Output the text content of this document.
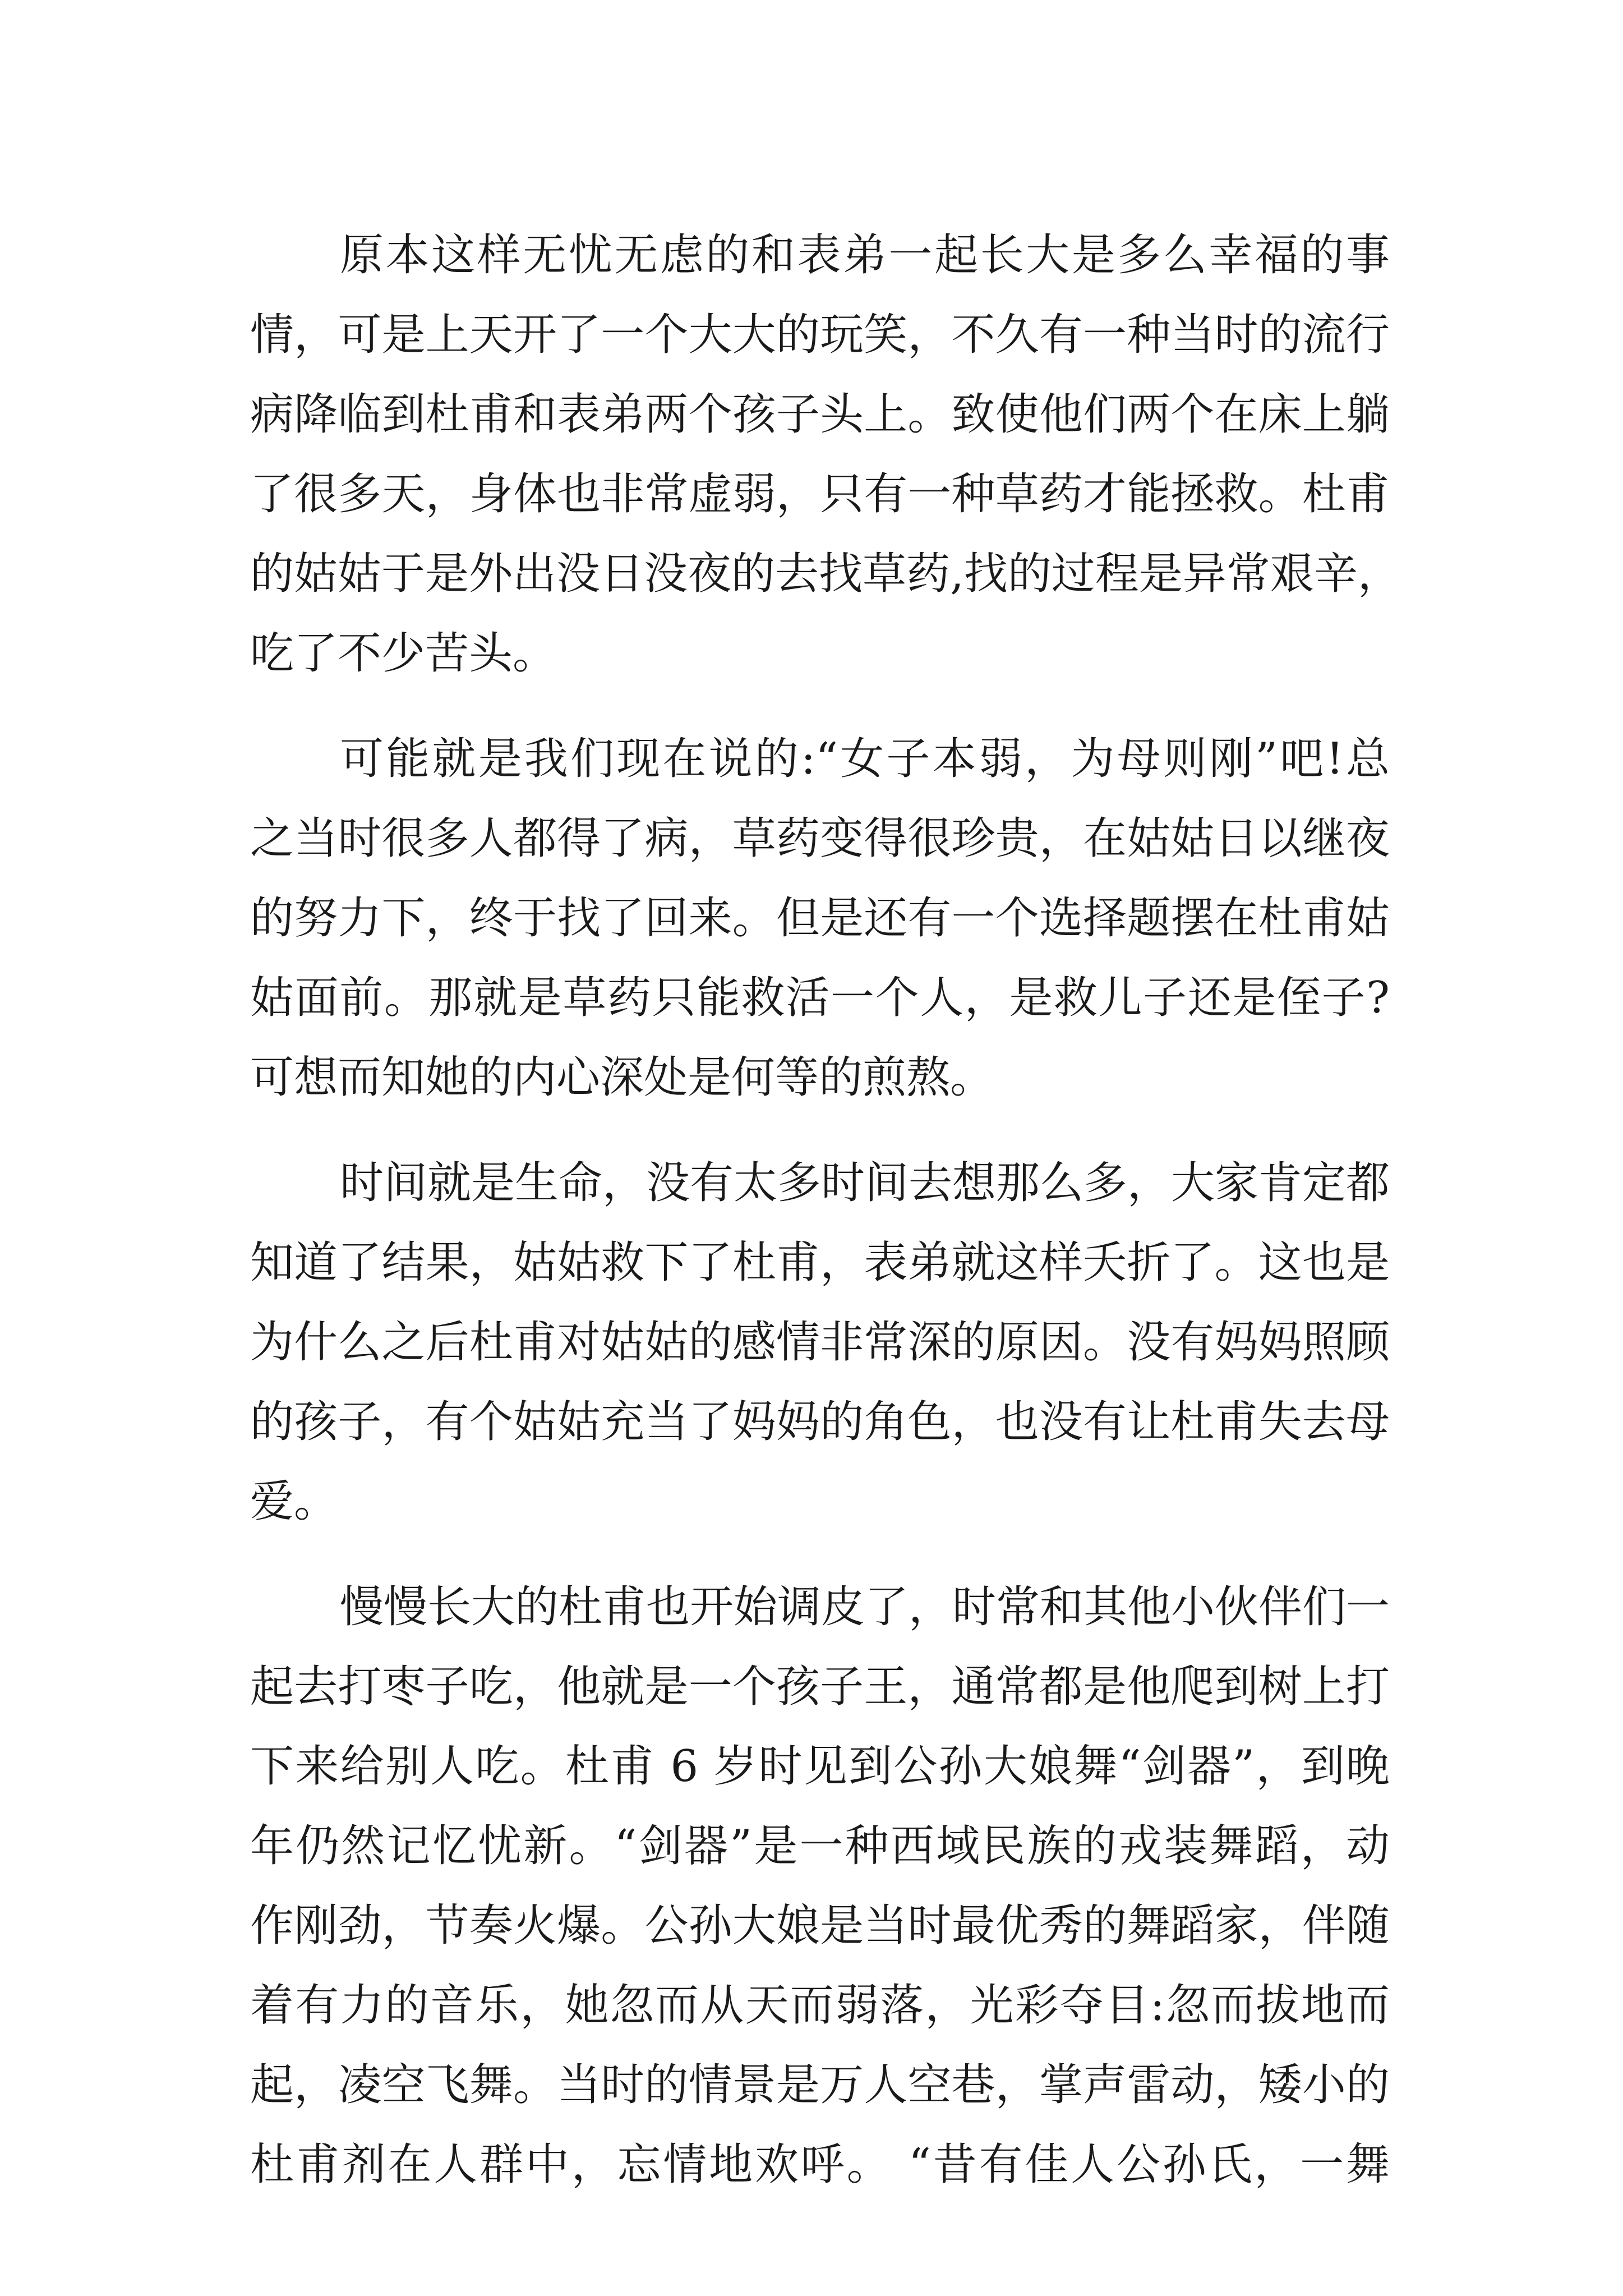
原本这样无忧无虑的和表弟一起长大是多么幸福的事
情，可是上天开了一个大大的玩笑，不久有一种当时的流行
病降临到杜甫和表弟两个孩子头上。致使他们两个在床上躺
了很多天，身体也非常虚弱，只有一种草药才能拯救。杜甫
的姑姑于是外出没日没夜的去找草药,找的过程是异常艰辛，
吃了不少苦头。
可能就是我们现在说的:“女子本弱，为母则刚”吧!总
之当时很多人都得了病，草药变得很珍贵，在姑姑日以继夜
的努力下，终于找了回来。但是还有一个选择题摆在杜甫姑
姑面前。那就是草药只能救活一个人，是救儿子还是侄子?
可想而知她的内心深处是何等的煎熬。
时间就是生命，没有太多时间去想那么多，大家肯定都
知道了结果，姑姑救下了杜甫，表弟就这样夭折了。这也是
为什么之后杜甫对姑姑的感情非常深的原因。没有妈妈照顾
的孩子，有个姑姑充当了妈妈的角色，也没有让杜甫失去母
爱。
慢慢长大的杜甫也开始调皮了，时常和其他小伙伴们一
起去打枣子吃，他就是一个孩子王，通常都是他爬到树上打
下来给别人吃。杜甫 6 岁时见到公孙大娘舞“剑器”，到晚
年仍然记忆忧新。“剑器”是一种西域民族的戎装舞蹈，动
作刚劲，节奏火爆。公孙大娘是当时最优秀的舞蹈家，伴随
着有力的音乐，她忽而从天而弱落，光彩夺目:忽而拔地而
起，凌空飞舞。当时的情景是万人空巷，掌声雷动，矮小的
杜甫剂在人群中，忘情地欢呼。 “昔有佳人公孙氏，一舞
